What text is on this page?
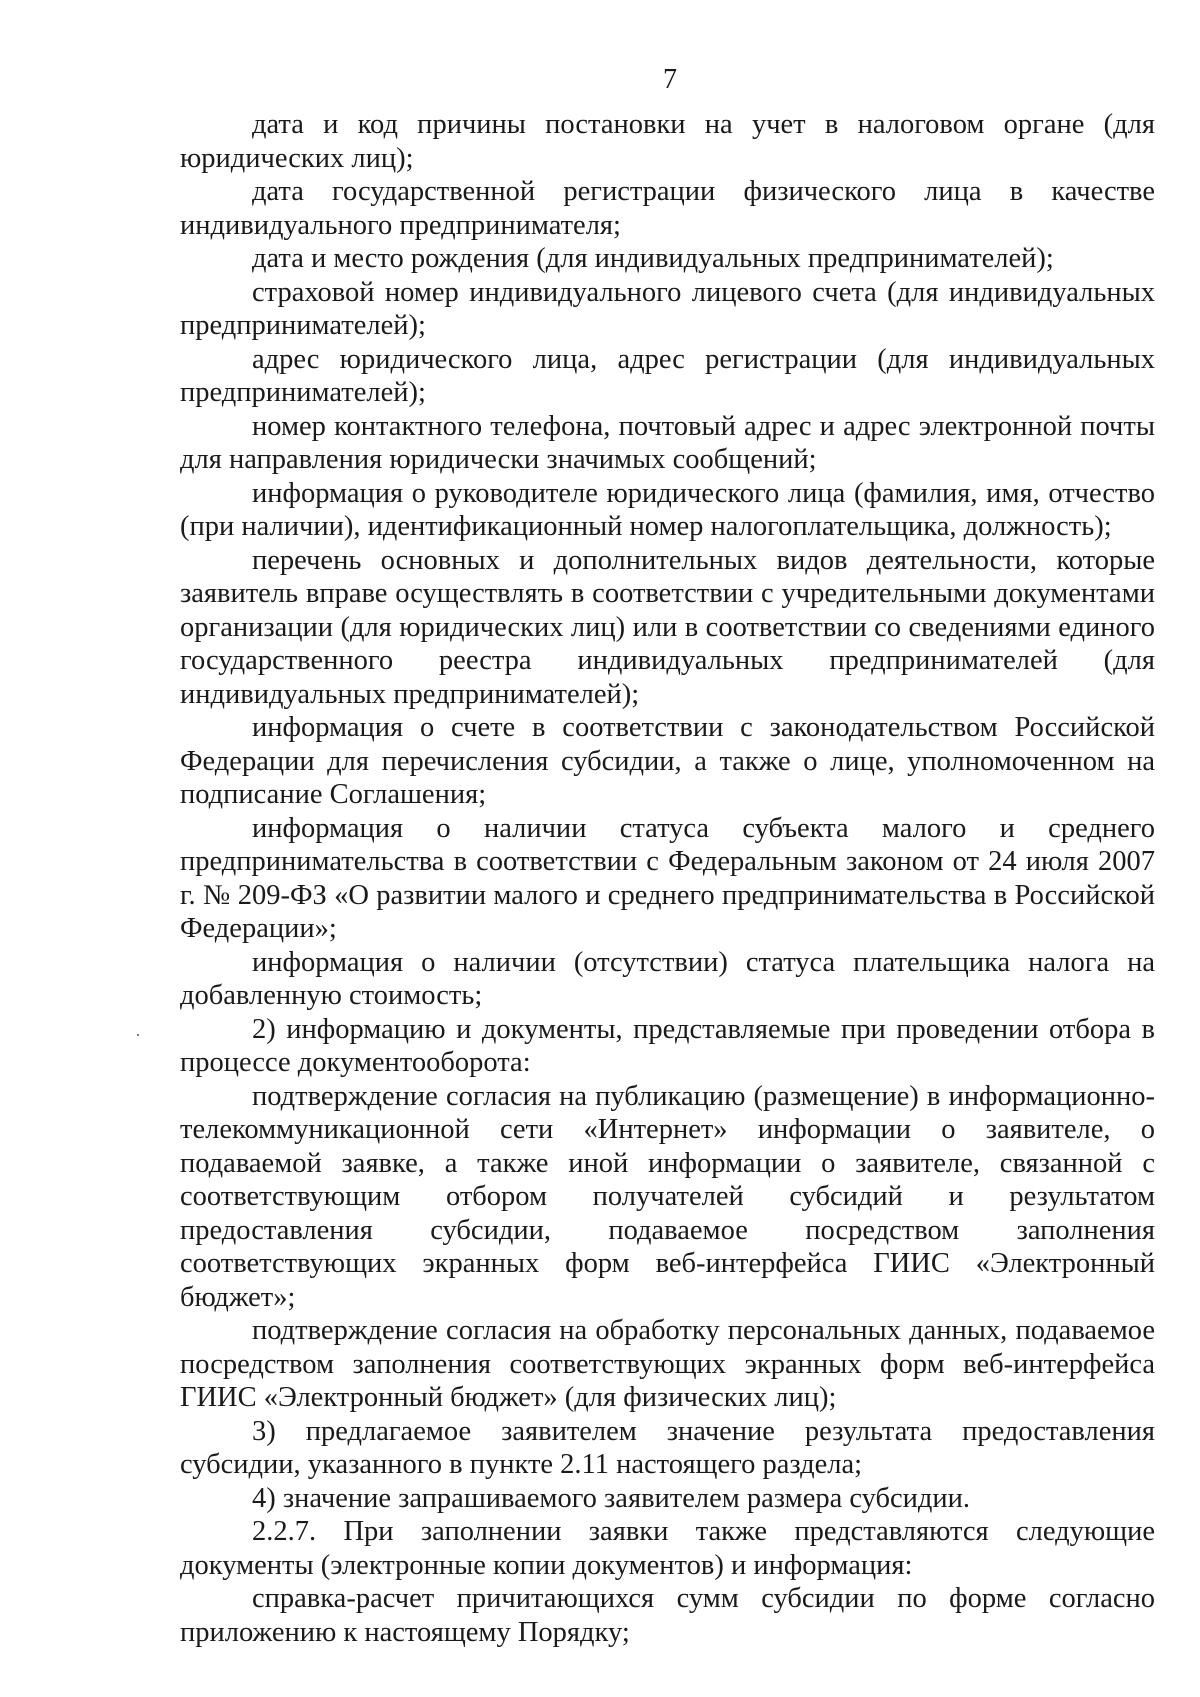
7

дата и код причины постановки на учет в налоговом органе (для юридических лиц);

дата государственной регистрации физического лица в качестве индивидуального предпринимателя;

дата и место рождения (для индивидуальных предпринимателей);

страховой номер индивидуального лицевого счета (для индивидуальных предпринимателей);

адрес юридического лица, адрес регистрации (для индивидуальных предпринимателей);

номер контактного телефона, почтовый адрес и адрес электронной почты для направления юридически значимых сообщений;

информация о руководителе юридического лица (фамилия, имя, отчество (при наличии), идентификационный номер налогоплательщика, должность);

перечень основных и дополнительных видов деятельности, которые заявитель вправе осуществлять в соответствии с учредительными документами организации (для юридических лиц) или в соответствии со сведениями единого государственного реестра индивидуальных предпринимателей (для индивидуальных предпринимателей);

информация о счете в соответствии с законодательством Российской Федерации для перечисления субсидии, а также о лице, уполномоченном на подписание Соглашения;

информация о наличии статуса субъекта малого и среднего предпринимательства в соответствии с Федеральным законом от 24 июля 2007 г. № 209-ФЗ «О развитии малого и среднего предпринимательства в Российской Федерации»;

информация о наличии (отсутствии) статуса плательщика налога на добавленную стоимость;

2) информацию и документы, представляемые при проведении отбора в процессе документооборота:

подтверждение согласия на публикацию (размещение) в информационно-телекоммуникационной сети «Интернет» информации о заявителе, о подаваемой заявке, а также иной информации о заявителе, связанной с соответствующим отбором получателей субсидий и результатом предоставления субсидии, подаваемое посредством заполнения соответствующих экранных форм веб-интерфейса ГИИС «Электронный бюджет»;

подтверждение согласия на обработку персональных данных, подаваемое посредством заполнения соответствующих экранных форм веб-интерфейса ГИИС «Электронный бюджет» (для физических лиц);

3) предлагаемое заявителем значение результата предоставления субсидии, указанного в пункте 2.11 настоящего раздела;

4) значение запрашиваемого заявителем размера субсидии.

2.2.7. При заполнении заявки также представляются следующие документы (электронные копии документов) и информация:

справка-расчет причитающихся сумм субсидии по форме согласно приложению к настоящему Порядку;
